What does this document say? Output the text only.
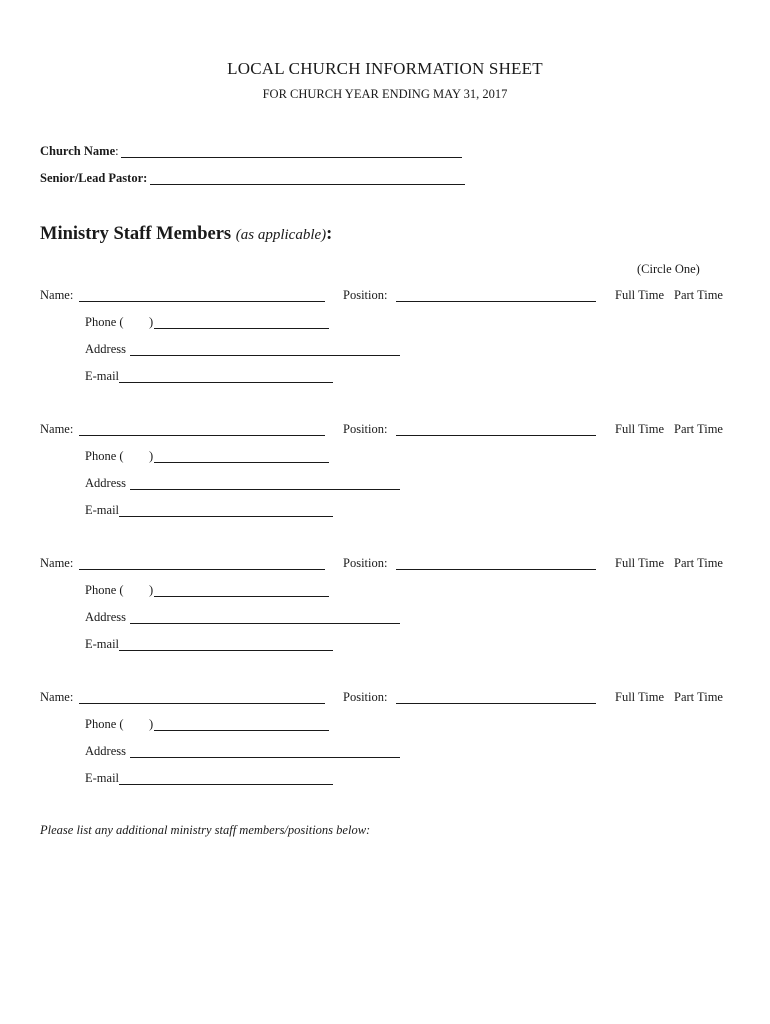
LOCAL CHURCH INFORMATION SHEET
FOR CHURCH YEAR ENDING MAY 31, 2017
Church Name:
Senior/Lead Pastor:
Ministry Staff Members (as applicable):
(Circle One)
Name:	Position:	Full Time Part Time
Phone ( )
Address
E-mail
Name:	Position:	Full Time Part Time
Phone ( )
Address
E-mail
Name:	Position:	Full Time Part Time
Phone ( )
Address
E-mail
Name:	Position:	Full Time Part Time
Phone ( )
Address
E-mail
Please list any additional ministry staff members/positions below:
